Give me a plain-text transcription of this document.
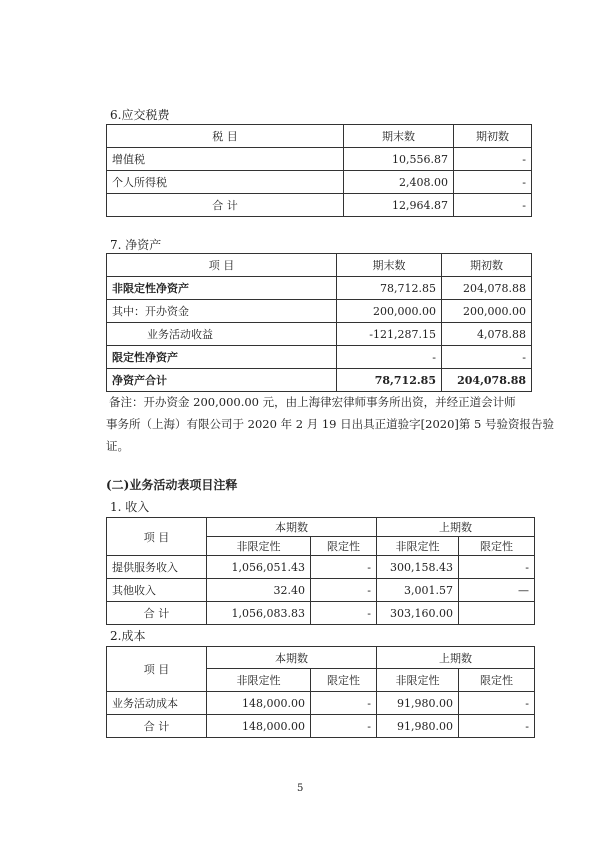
6.应交税费
税 目	期末数	期初数
增值税	10,556.87	-
个人所得税	2,408.00	-
合 计	12,964.87	-
7. 净资产
项 目	期末数	期初数
非限定性净资产	78,712.85	204,078.88
其中：开办资金	200,000.00	200,000.00
业务活动收益	-121,287.15	4,078.88
限定性净资产	-	-
净资产合计	78,712.85	204,078.88
备注：开办资金 200,000.00 元，由上海律宏律师事务所出资，并经正道会计师
事务所（上海）有限公司于 2020 年 2 月 19 日出具正道验字[2020]第 5 号验资报告验
证。
(二)业务活动表项目注释
1. 收入
项 目	本期数		上期数	
	非限定性	限定性	非限定性	限定性
提供服务收入	1,056,051.43	-	300,158.43	-
其他收入	32.40	-	3,001.57	—
合 计	1,056,083.83	-	303,160.00	
2.成本
项 目	本期数		上期数	
	非限定性	限定性	非限定性	限定性
业务活动成本	148,000.00	-	91,980.00	-
合 计	148,000.00	-	91,980.00	-
5
